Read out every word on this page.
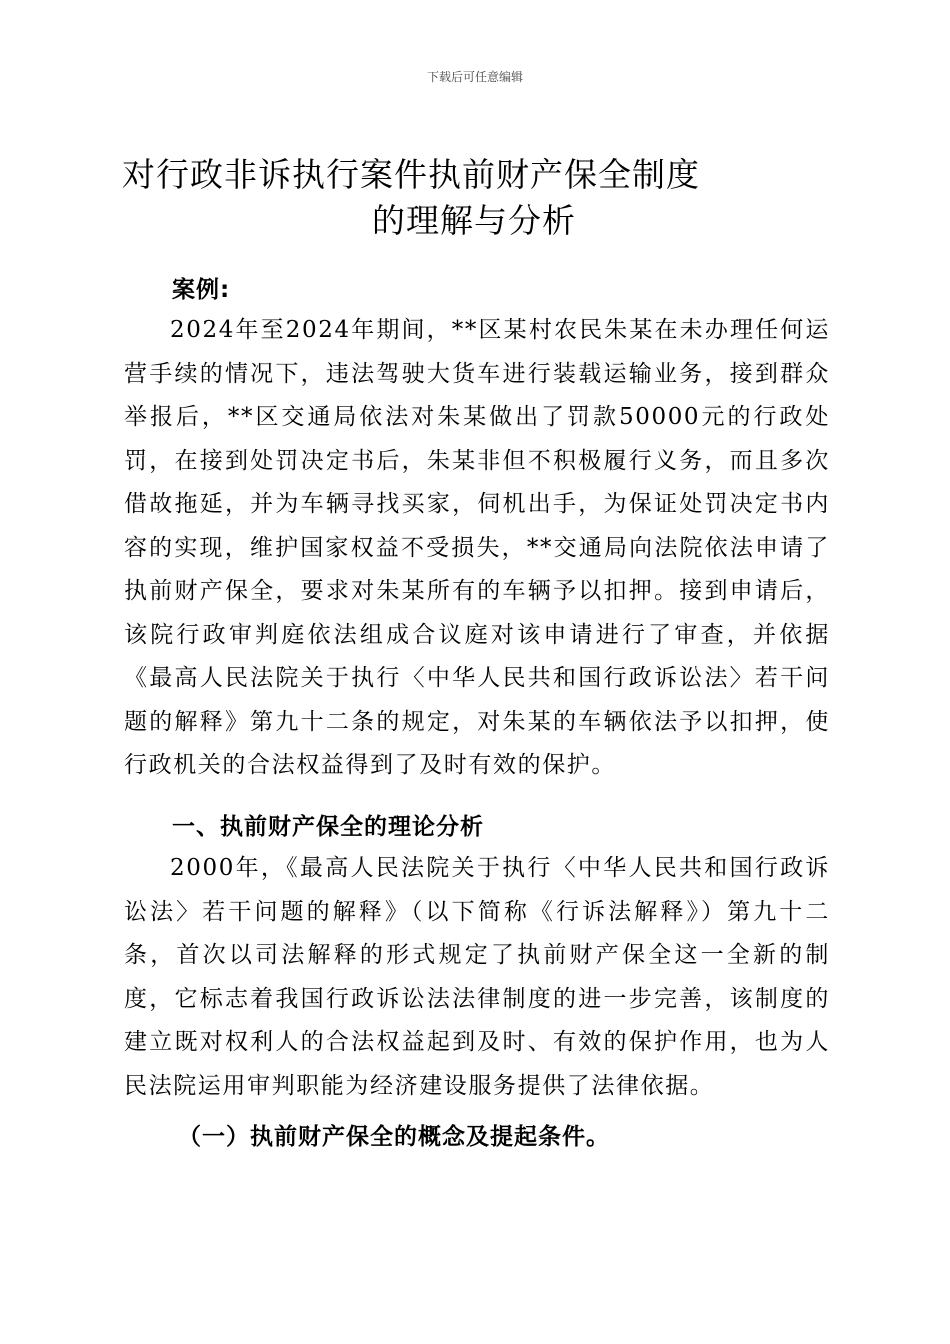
下载后可任意编辑
对行政非诉执行案件执前财产保全制度
的理解与分析

案例:

2024年至2024年期间，**区某村农民朱某在未办理任何运营手续的情况下，违法驾驶大货车进行装载运输业务，接到群众举报后，**区交通局依法对朱某做出了罚款50000元的行政处罚，在接到处罚决定书后，朱某非但不积极履行义务，而且多次借故拖延，并为车辆寻找买家，伺机出手，为保证处罚决定书内容的实现，维护国家权益不受损失，**交通局向法院依法申请了执前财产保全，要求对朱某所有的车辆予以扣押。接到申请后，该院行政审判庭依法组成合议庭对该申请进行了审查，并依据《最高人民法院关于执行〈中华人民共和国行政诉讼法〉若干问题的解释》第九十二条的规定，对朱某的车辆依法予以扣押，使行政机关的合法权益得到了及时有效的保护。

一、执前财产保全的理论分析

2000年，《最高人民法院关于执行〈中华人民共和国行政诉讼法〉若干问题的解释》（以下简称《行诉法解释》）第九十二条，首次以司法解释的形式规定了执前财产保全这一全新的制度，它标志着我国行政诉讼法法律制度的进一步完善，该制度的建立既对权利人的合法权益起到及时、有效的保护作用，也为人民法院运用审判职能为经济建设服务提供了法律依据。

（一）执前财产保全的概念及提起条件。
